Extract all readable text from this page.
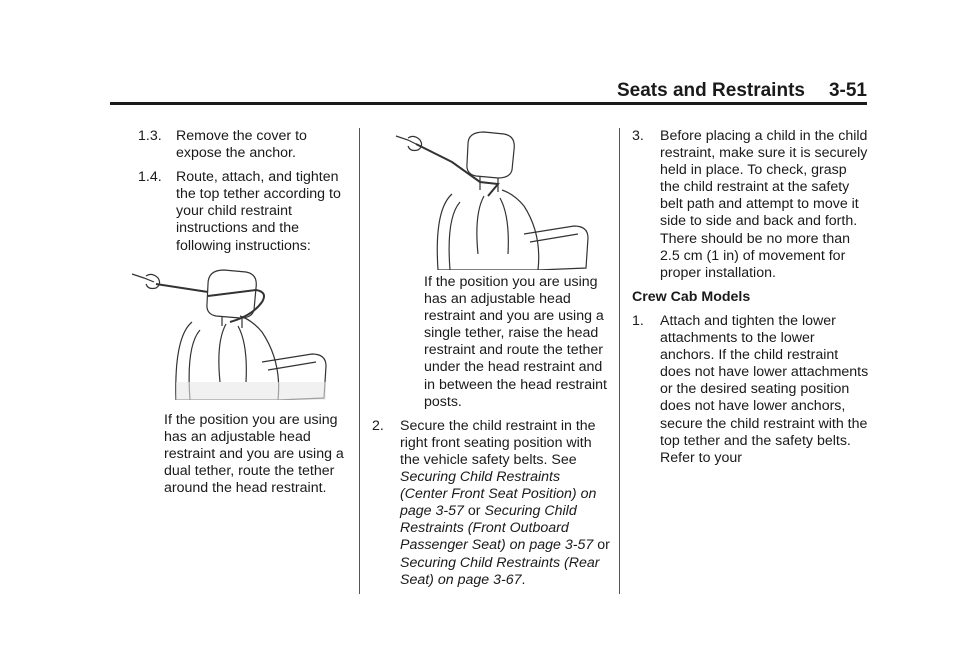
Seats and Restraints 3-51
1.3. Remove the cover to expose the anchor.
1.4. Route, attach, and tighten the top tether according to your child restraint instructions and the following instructions:
If the position you are using has an adjustable head restraint and you are using a dual tether, route the tether around the head restraint.
If the position you are using has an adjustable head restraint and you are using a single tether, raise the head restraint and route the tether under the head restraint and in between the head restraint posts.
2. Secure the child restraint in the right front seating position with the vehicle safety belts. See Securing Child Restraints (Center Front Seat Position) on page 3-57 or Securing Child Restraints (Front Outboard Passenger Seat) on page 3-57 or Securing Child Restraints (Rear Seat) on page 3-67.
3. Before placing a child in the child restraint, make sure it is securely held in place. To check, grasp the child restraint at the safety belt path and attempt to move it side to side and back and forth. There should be no more than 2.5 cm (1 in) of movement for proper installation.
Crew Cab Models
1. Attach and tighten the lower attachments to the lower anchors. If the child restraint does not have lower attachments or the desired seating position does not have lower anchors, secure the child restraint with the top tether and the safety belts. Refer to your
